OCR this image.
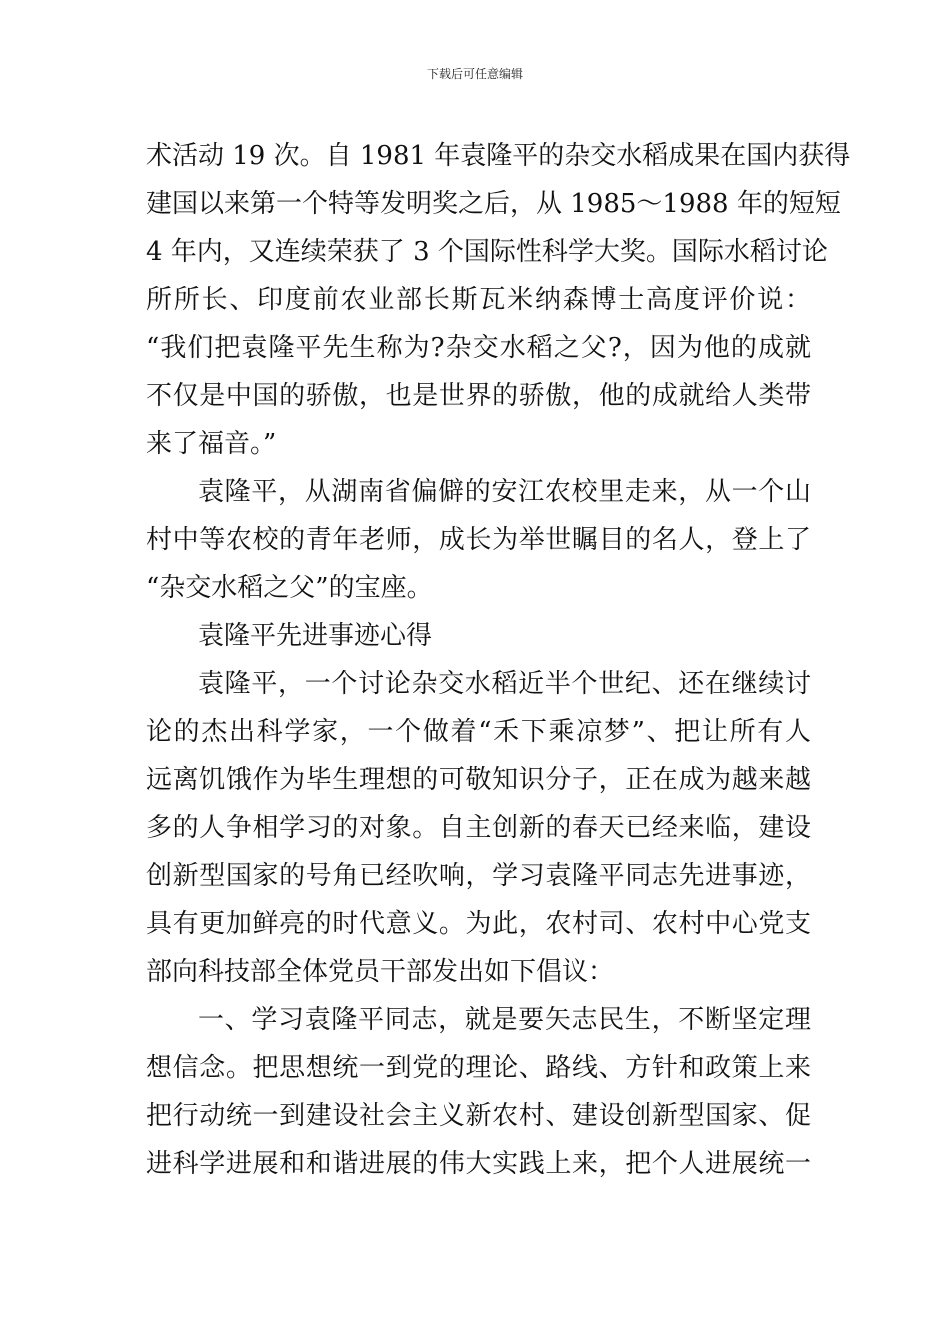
下载后可任意编辑
术活动 19 次。自 1981 年袁隆平的杂交水稻成果在国内获得
建国以来第一个特等发明奖之后，从 1985～1988 年的短短
4 年内，又连续荣获了 3 个国际性科学大奖。国际水稻讨论
所所长、印度前农业部长斯瓦米纳森博士高度评价说：
“我们把袁隆平先生称为?杂交水稻之父?，因为他的成就
不仅是中国的骄傲，也是世界的骄傲，他的成就给人类带
来了福音。”
袁隆平，从湖南省偏僻的安江农校里走来，从一个山
村中等农校的青年老师，成长为举世瞩目的名人，登上了
“杂交水稻之父”的宝座。
袁隆平先进事迹心得
袁隆平，一个讨论杂交水稻近半个世纪、还在继续讨
论的杰出科学家，一个做着“禾下乘凉梦”、把让所有人
远离饥饿作为毕生理想的可敬知识分子，正在成为越来越
多的人争相学习的对象。自主创新的春天已经来临，建设
创新型国家的号角已经吹响，学习袁隆平同志先进事迹，
具有更加鲜亮的时代意义。为此，农村司、农村中心党支
部向科技部全体党员干部发出如下倡议：
一、学习袁隆平同志，就是要矢志民生，不断坚定理
想信念。把思想统一到党的理论、路线、方针和政策上来
把行动统一到建设社会主义新农村、建设创新型国家、促
进科学进展和和谐进展的伟大实践上来，把个人进展统一
